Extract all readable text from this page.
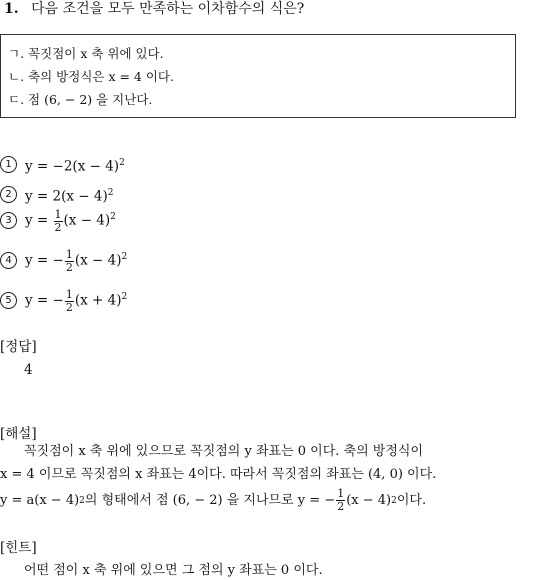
1. 다음 조건을 모두 만족하는 이차함수의 식은?
ㄱ. 꼭짓점이 x 축 위에 있다.
ㄴ. 축의 방정식은 x = 4 이다.
ㄷ. 점 (6, − 2) 을 지난다.
1 $y = -2(x - 4)^2$
2 $y = 2(x - 4)^2$
3 $y = \frac{1}{2} (x - 4)^2$
4 y = − $\frac{1}{2} (x - 4)^2$
5 y = − $\frac{1}{2} (x + 4)^2$
[정답]
4
[해설]
꼭짓점이 x 축 위에 있으므로 꼭짓점의 y 좌표는 0 이다. 축의 방정식이
x = 4 이므로 꼭짓점의 x 좌표는 4이다. 따라서 꼭짓점의 좌표는 (4, 0) 이다.
y = a(x − 4) 2 의 형태에서 점 (6, − 2) 을 지나므로 y = − $\frac{1}{2} (x - 4)$ 2 이다.
[힌트]
어떤 점이 x 축 위에 있으면 그 점의 y 좌표는 0 이다.
